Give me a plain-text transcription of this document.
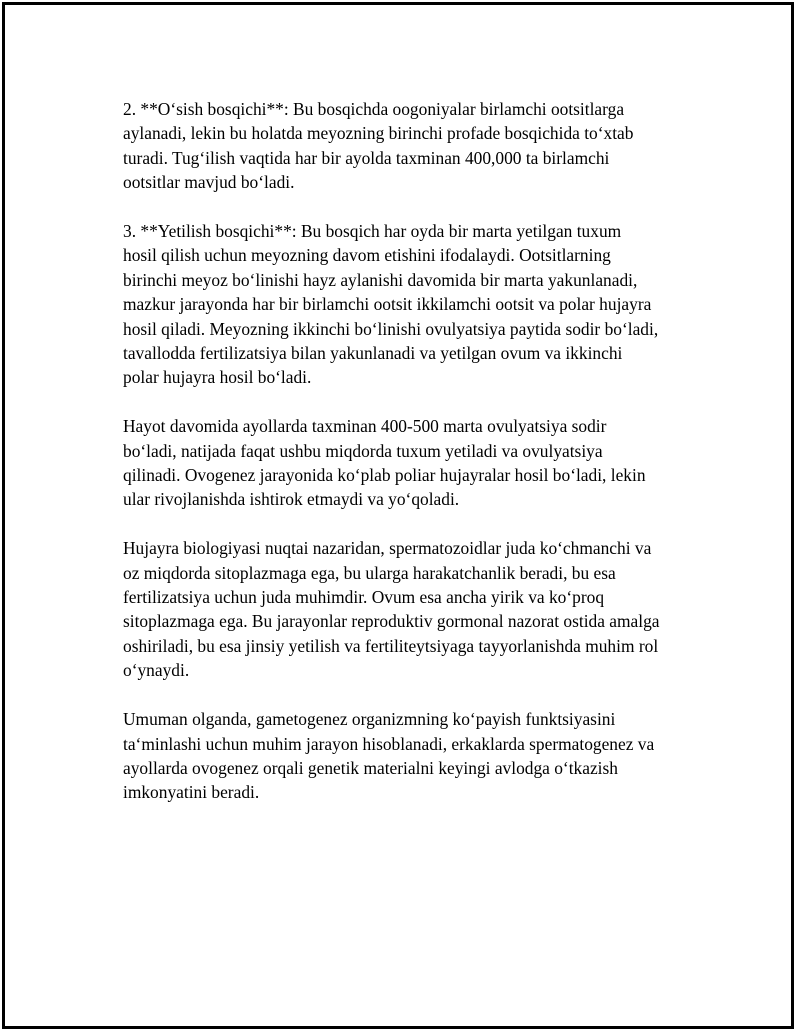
2. **O‘sish bosqichi**: Bu bosqichda oogoniyalar birlamchi ootsitlarga
aylanadi, lekin bu holatda meyozning birinchi profade bosqichida to‘xtab
turadi. Tug‘ilish vaqtida har bir ayolda taxminan 400,000 ta birlamchi
ootsitlar mavjud bo‘ladi.

3. **Yetilish bosqichi**: Bu bosqich har oyda bir marta yetilgan tuxum
hosil qilish uchun meyozning davom etishini ifodalaydi. Ootsitlarning
birinchi meyoz bo‘linishi hayz aylanishi davomida bir marta yakunlanadi,
mazkur jarayonda har bir birlamchi ootsit ikkilamchi ootsit va polar hujayra
hosil qiladi. Meyozning ikkinchi bo‘linishi ovulyatsiya paytida sodir bo‘ladi,
tavallodda fertilizatsiya bilan yakunlanadi va yetilgan ovum va ikkinchi
polar hujayra hosil bo‘ladi.

Hayot davomida ayollarda taxminan 400-500 marta ovulyatsiya sodir
bo‘ladi, natijada faqat ushbu miqdorda tuxum yetiladi va ovulyatsiya
qilinadi. Ovogenez jarayonida ko‘plab poliar hujayralar hosil bo‘ladi, lekin
ular rivojlanishda ishtirok etmaydi va yo‘qoladi.

Hujayra biologiyasi nuqtai nazaridan, spermatozoidlar juda ko‘chmanchi va
oz miqdorda sitoplazmaga ega, bu ularga harakatchanlik beradi, bu esa
fertilizatsiya uchun juda muhimdir. Ovum esa ancha yirik va ko‘proq
sitoplazmaga ega. Bu jarayonlar reproduktiv gormonal nazorat ostida amalga
oshiriladi, bu esa jinsiy yetilish va fertiliteytsiyaga tayyorlanishda muhim rol
o‘ynaydi.

Umuman olganda, gametogenez organizmning ko‘payish funktsiyasini
ta‘minlashi uchun muhim jarayon hisoblanadi, erkaklarda spermatogenez va
ayollarda ovogenez orqali genetik materialni keyingi avlodga o‘tkazish
imkonyatini beradi.
